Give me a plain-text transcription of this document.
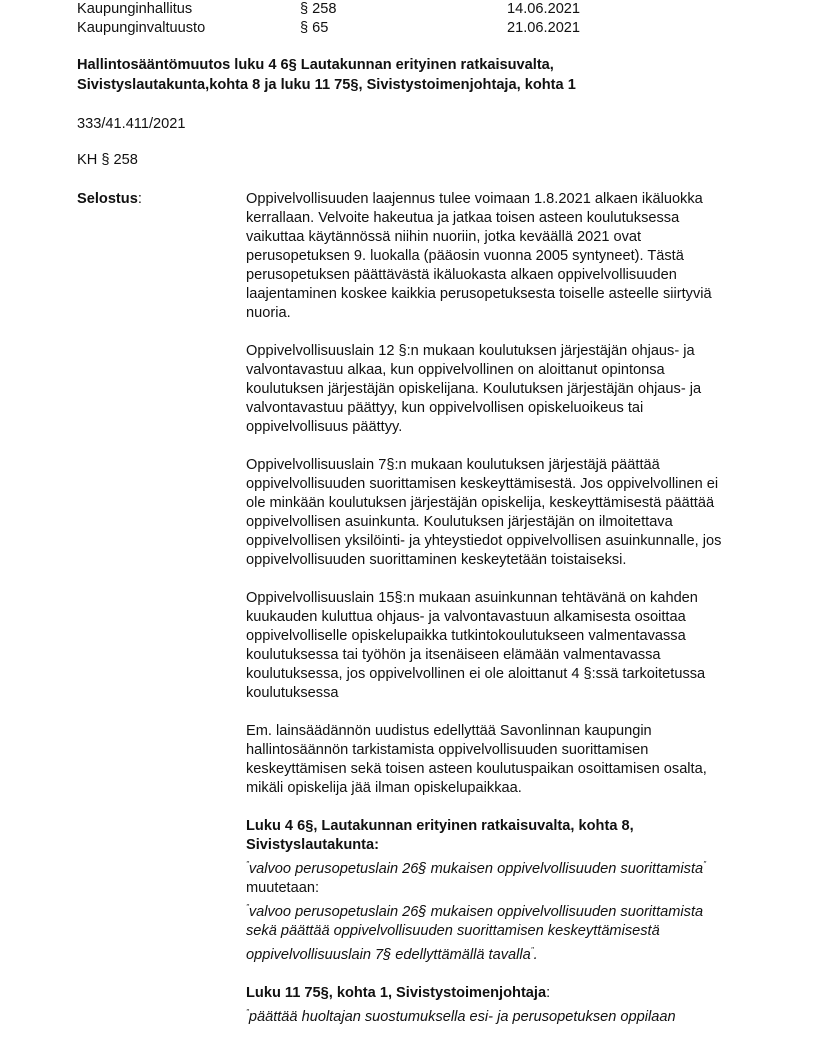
Kaupunginhallitus	§ 258	14.06.2021
Kaupunginvaltuusto	§ 65	21.06.2021
Hallintosääntömuutos luku 4 6§ Lautakunnan erityinen ratkaisuvalta,
Sivistyslautakunta,kohta 8 ja luku 11 75§, Sivistystoimenjohtaja, kohta 1
333/41.411/2021
KH § 258
Selostus:	Oppivelvollisuuden laajennus tulee voimaan 1.8.2021 alkaen ikäluokka kerrallaan. Velvoite hakeutua ja jatkaa toisen asteen koulutuksessa vaikuttaa käytännössä niihin nuoriin, jotka keväällä 2021 ovat perusopetuksen 9. luokalla (pääosin vuonna 2005 syntyneet). Tästä perusopetuksen päättävästä ikäluokasta alkaen oppivelvollisuuden laajentaminen koskee kaikkia perusopetuksesta toiselle asteelle siirtyviä nuoria.

Oppivelvollisuuslain 12 §:n mukaan koulutuksen järjestäjän ohjaus- ja valvontavastuu alkaa, kun oppivelvollinen on aloittanut opintonsa koulutuksen järjestäjän opiskelijana. Koulutuksen järjestäjän ohjaus- ja valvontavastuu päättyy, kun oppivelvollisen opiskeluoikeus tai oppivelvollisuus päättyy.

Oppivelvollisuuslain 7§:n mukaan koulutuksen järjestäjä päättää oppivelvollisuuden suorittamisen keskeyttämisestä. Jos oppivelvollinen ei ole minkään koulutuksen järjestäjän opiskelija, keskeyttämisestä päättää oppivelvollisen asuinkunta. Koulutuksen järjestäjän on ilmoitettava oppivelvollisen yksilöinti- ja yhteystiedot oppivelvollisen asuinkunnalle, jos oppivelvollisuuden suorittaminen keskeytetään toistaiseksi.

Oppivelvollisuuslain 15§:n mukaan asuinkunnan tehtävänä on kahden kuukauden kuluttua ohjaus- ja valvontavastuun alkamisesta osoittaa oppivelvolliselle opiskelupaikka tutkintokoulutukseen valmentavassa koulutuksessa tai työhön ja itsenäiseen elämään valmentavassa koulutuksessa, jos oppivelvollinen ei ole aloittanut 4 §:ssä tarkoitetussa koulutuksessa

Em. lainsäädännön uudistus edellyttää Savonlinnan kaupungin hallintosäännön tarkistamista oppivelvollisuuden suorittamisen keskeyttämisen sekä toisen asteen koulutuspaikan osoittamisen osalta, mikäli opiskelija jää ilman opiskelupaikkaa.

Luku 4 6§, Lautakunnan erityinen ratkaisuvalta, kohta 8, Sivistyslautakunta:
"valvoo perusopetuslain 26§ mukaisen oppivelvollisuuden suorittamista"
muutetaan:
"valvoo perusopetuslain 26§ mukaisen oppivelvollisuuden suorittamista sekä päättää oppivelvollisuuden suorittamisen keskeyttämisestä oppivelvollisuuslain 7§ edellyttämällä tavalla".
Luku 11 75§, kohta 1, Sivistystoimenjohtaja:
"päättää huoltajan suostumuksella esi- ja perusopetuksen oppilaan
